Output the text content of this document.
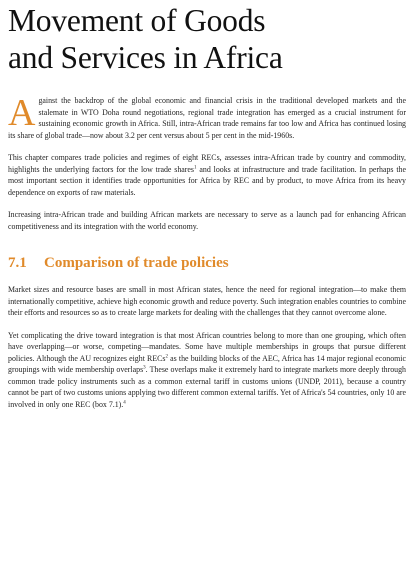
Movement of Goods
and Services in Africa

Against the backdrop of the global economic and financial crisis in the traditional developed markets and the stalemate in WTO Doha round negotiations, regional trade integration has emerged as a crucial instrument for sustaining economic growth in Africa. Still, intra-African trade remains far too low and Africa has continued losing its share of global trade—now about 3.2 per cent versus about 5 per cent in the mid-1960s.

This chapter compares trade policies and regimes of eight RECs, assesses intra-African trade by country and commodity, highlights the underlying factors for the low trade shares$^1$ and looks at infrastructure and trade facilitation. In perhaps the most important section it identifies trade opportunities for Africa by REC and by product, to move Africa from its heavy dependence on exports of raw materials.

Increasing intra-African trade and building African markets are necessary to serve as a launch pad for enhancing African competitiveness and its integration with the world economy.

7.1 Comparison of trade policies

Market sizes and resource bases are small in most African states, hence the need for regional integration—to make them internationally competitive, achieve high economic growth and reduce poverty. Such integration enables countries to combine their efforts and resources so as to create large markets for dealing with the challenges that they cannot overcome alone.

Yet complicating the drive toward integration is that most African countries belong to more than one grouping, which often have overlapping—or worse, competing—mandates. Some have multiple memberships in groups that pursue different policies. Although the AU recognizes eight RECs$^2$ as the building blocks of the AEC, Africa has 14 major regional economic groupings with wide membership overlaps$^3$. These overlaps make it extremely hard to integrate markets more deeply through common trade policy instruments such as a common external tariff in customs unions (UNDP, 2011), because a country cannot be part of two customs unions applying two different common external tariffs. Yet of Africa's 54 countries, only 10 are involved in only one REC (box 7.1).$^4$
